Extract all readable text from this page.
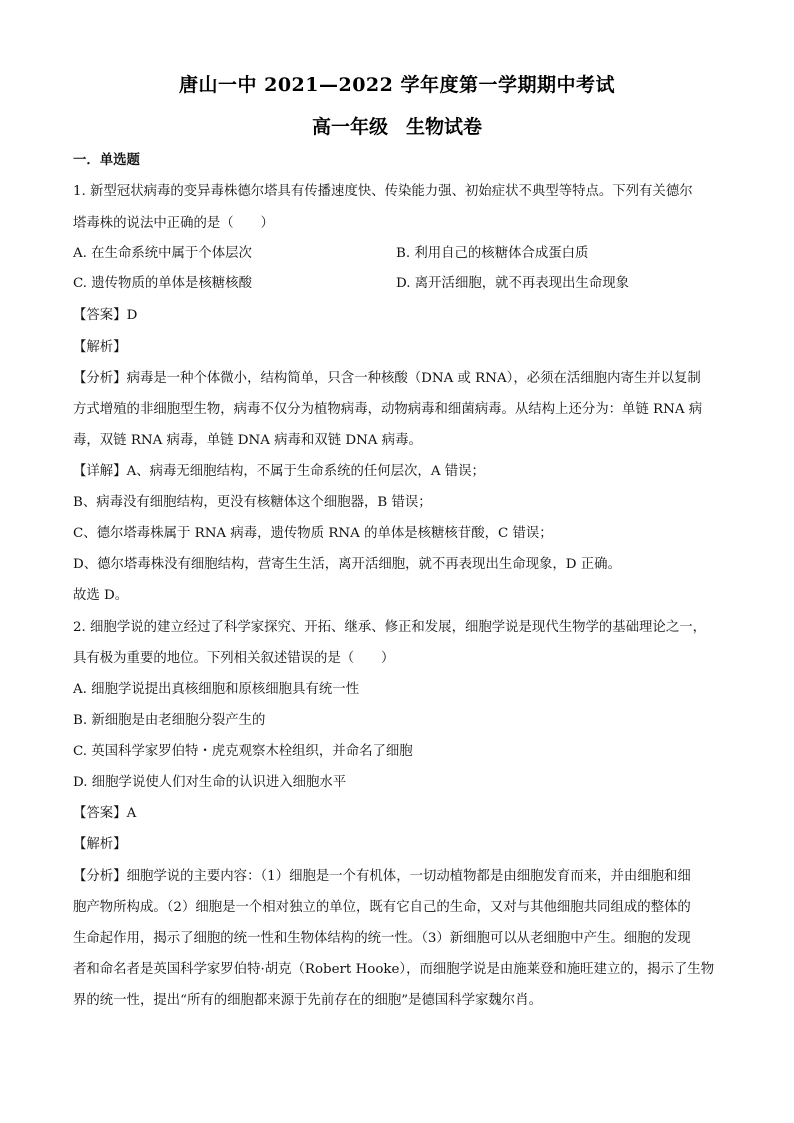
唐山一中 2021—2022 学年度第一学期期中考试
高一年级 生物试卷
一．单选题
1. 新型冠状病毒的变异毒株德尔塔具有传播速度快、传染能力强、初始症状不典型等特点。下列有关德尔
塔毒株的说法中正确的是（　　）
A. 在生命系统中属于个体层次	B. 利用自己的核糖体合成蛋白质
C. 遗传物质的单体是核糖核酸	D. 离开活细胞，就不再表现出生命现象
【答案】D
【解析】
【分析】病毒是一种个体微小，结构简单，只含一种核酸（DNA 或 RNA），必须在活细胞内寄生并以复制
方式增殖的非细胞型生物，病毒不仅分为植物病毒，动物病毒和细菌病毒。从结构上还分为：单链 RNA 病
毒，双链 RNA 病毒，单链 DNA 病毒和双链 DNA 病毒。
【详解】A、病毒无细胞结构，不属于生命系统的任何层次，A 错误；
B、病毒没有细胞结构，更没有核糖体这个细胞器，B 错误；
C、德尔塔毒株属于 RNA 病毒，遗传物质 RNA 的单体是核糖核苷酸，C 错误；
D、德尔塔毒株没有细胞结构，营寄生生活，离开活细胞，就不再表现出生命现象，D 正确。
故选 D。
2. 细胞学说的建立经过了科学家探究、开拓、继承、修正和发展，细胞学说是现代生物学的基础理论之一，
具有极为重要的地位。下列相关叙述错误的是（　　）
A. 细胞学说提出真核细胞和原核细胞具有统一性
B. 新细胞是由老细胞分裂产生的
C. 英国科学家罗伯特・虎克观察木栓组织，并命名了细胞
D. 细胞学说使人们对生命的认识进入细胞水平
【答案】A
【解析】
【分析】细胞学说的主要内容：（1）细胞是一个有机体，一切动植物都是由细胞发育而来，并由细胞和细
胞产物所构成。（2）细胞是一个相对独立的单位，既有它自己的生命，又对与其他细胞共同组成的整体的
生命起作用，揭示了细胞的统一性和生物体结构的统一性。（3）新细胞可以从老细胞中产生。细胞的发现
者和命名者是英国科学家罗伯特·胡克（Robert Hooke），而细胞学说是由施莱登和施旺建立的，揭示了生物
界的统一性，提出“所有的细胞都来源于先前存在的细胞”是德国科学家魏尔肖。
